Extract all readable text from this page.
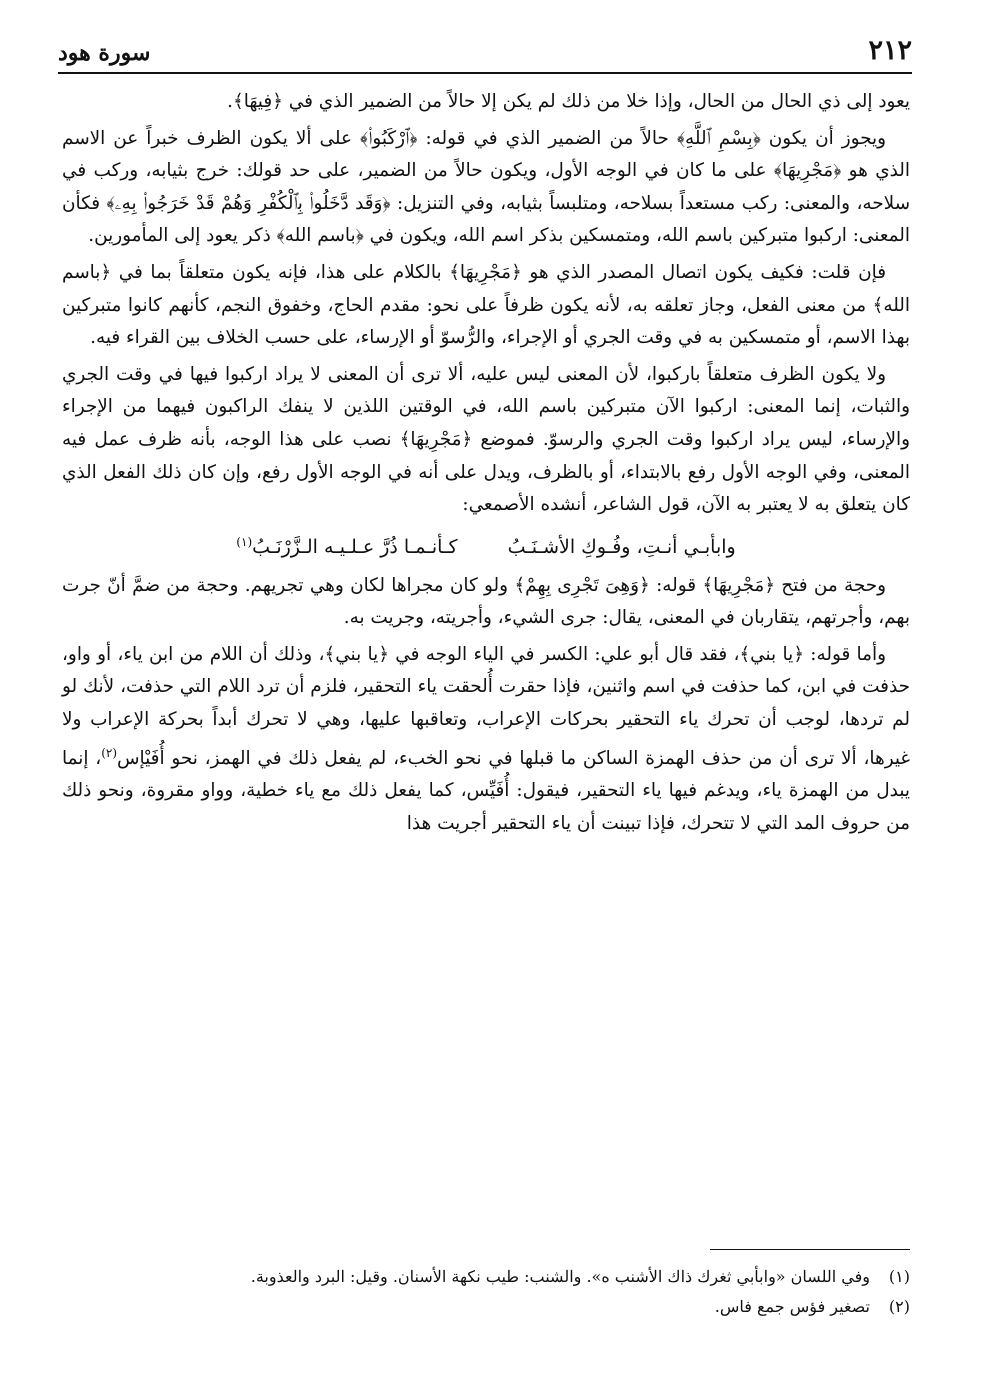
٢١٢
سورة هود

يعود إلى ذي الحال من الحال، وإذا خلا من ذلك لم يكن إلا حالاً من الضمير الذي في ﴿فِيهَا﴾.

ويجوز أن يكون ﴿بِسْمِ ٱللَّهِ﴾ حالاً من الضمير الذي في قوله: ﴿ٱرْكَبُوا۟﴾ على ألا يكون الظرف خبراً عن الاسم الذي هو ﴿مَجْرِيهَا﴾ على ما كان في الوجه الأول، ويكون حالاً من الضمير، على حد قولك: خرج بثيابه، وركب في سلاحه، والمعنى: ركب مستعداً بسلاحه، ومتلبساً بثيابه، وفي التنزيل: ﴿وَقَد دَّخَلُوا۟ بِٱلْكُفْرِ وَهُمْ قَدْ خَرَجُوا۟ بِهِۦ﴾ فكأن المعنى: اركبوا متبركين باسم الله، ومتمسكين بذكر اسم الله، ويكون في ﴿باسم الله﴾ ذكر يعود إلى المأمورين.

فإن قلت: فكيف يكون اتصال المصدر الذي هو ﴿مَجْرِيهَا﴾ بالكلام على هذا، فإنه يكون متعلقاً بما في ﴿باسم الله﴾ من معنى الفعل، وجاز تعلقه به، لأنه يكون ظرفاً على نحو: مقدم الحاج، وخفوق النجم، كأنهم كانوا متبركين بهذا الاسم، أو متمسكين به في وقت الجري أو الإجراء، والرُّسوّ أو الإرساء، على حسب الخلاف بين القراء فيه.

ولا يكون الظرف متعلقاً باركبوا، لأن المعنى ليس عليه، ألا ترى أن المعنى لا يراد اركبوا فيها في وقت الجري والثبات، إنما المعنى: اركبوا الآن متبركين باسم الله، في الوقتين اللذين لا ينفك الراكبون فيهما من الإجراء والإرساء، ليس يراد اركبوا وقت الجري والرسوّ. فموضع ﴿مَجْرِيهَا﴾ نصب على هذا الوجه، بأنه ظرف عمل فيه المعنى، وفي الوجه الأول رفع بالابتداء، أو بالظرف، ويدل على أنه في الوجه الأول رفع، وإن كان ذلك الفعل الذي كان يتعلق به لا يعتبر به الآن، قول الشاعر، أنشده الأصمعي:

وابأبـي أنـتِ، وفُـوكِ الأشـنَـبُ كـأنـمـا ذُرَّ عـلـيـه الـزَّرْنَـبُ(١)

وحجة من فتح ﴿مَجْرِيهَا﴾ قوله: ﴿وَهِىَ تَجْرِى بِهِمْ﴾ ولو كان مجراها لكان وهي تجريهم. وحجة من ضمَّ أنّ جرت بهم، وأجرتهم، يتقاربان في المعنى، يقال: جرى الشيء، وأجريته، وجريت به.

وأما قوله: ﴿يا بني﴾، فقد قال أبو علي: الكسر في الياء الوجه في ﴿يا بني﴾، وذلك أن اللام من ابن ياء، أو واو، حذفت في ابن، كما حذفت في اسم واثنين، فإذا حقرت أُلحقت ياء التحقير، فلزم أن ترد اللام التي حذفت، لأنك لو لم تردها، لوجب أن تحرك ياء التحقير بحركات الإعراب، وتعاقبها عليها، وهي لا تحرك أبداً بحركة الإعراب ولا غيرها، ألا ترى أن من حذف الهمزة الساكن ما قبلها في نحو الخبء، لم يفعل ذلك في الهمز، نحو أُفَيْإس$^{(٢)}$، إنما يبدل من الهمزة ياء، ويدغم فيها ياء التحقير، فيقول: أُفَيِّس، كما يفعل ذلك مع ياء خطية، وواو مقروة، ونحو ذلك من حروف المد التي لا تتحرك، فإذا تبينت أن ياء التحقير أجريت هذا

(١)
وفي اللسان «وابأبي ثغرك ذاك الأشنب ه». والشنب: طيب نكهة الأسنان. وقيل: البرد والعذوبة.
(٢)
تصغير فؤس جمع فاس.
